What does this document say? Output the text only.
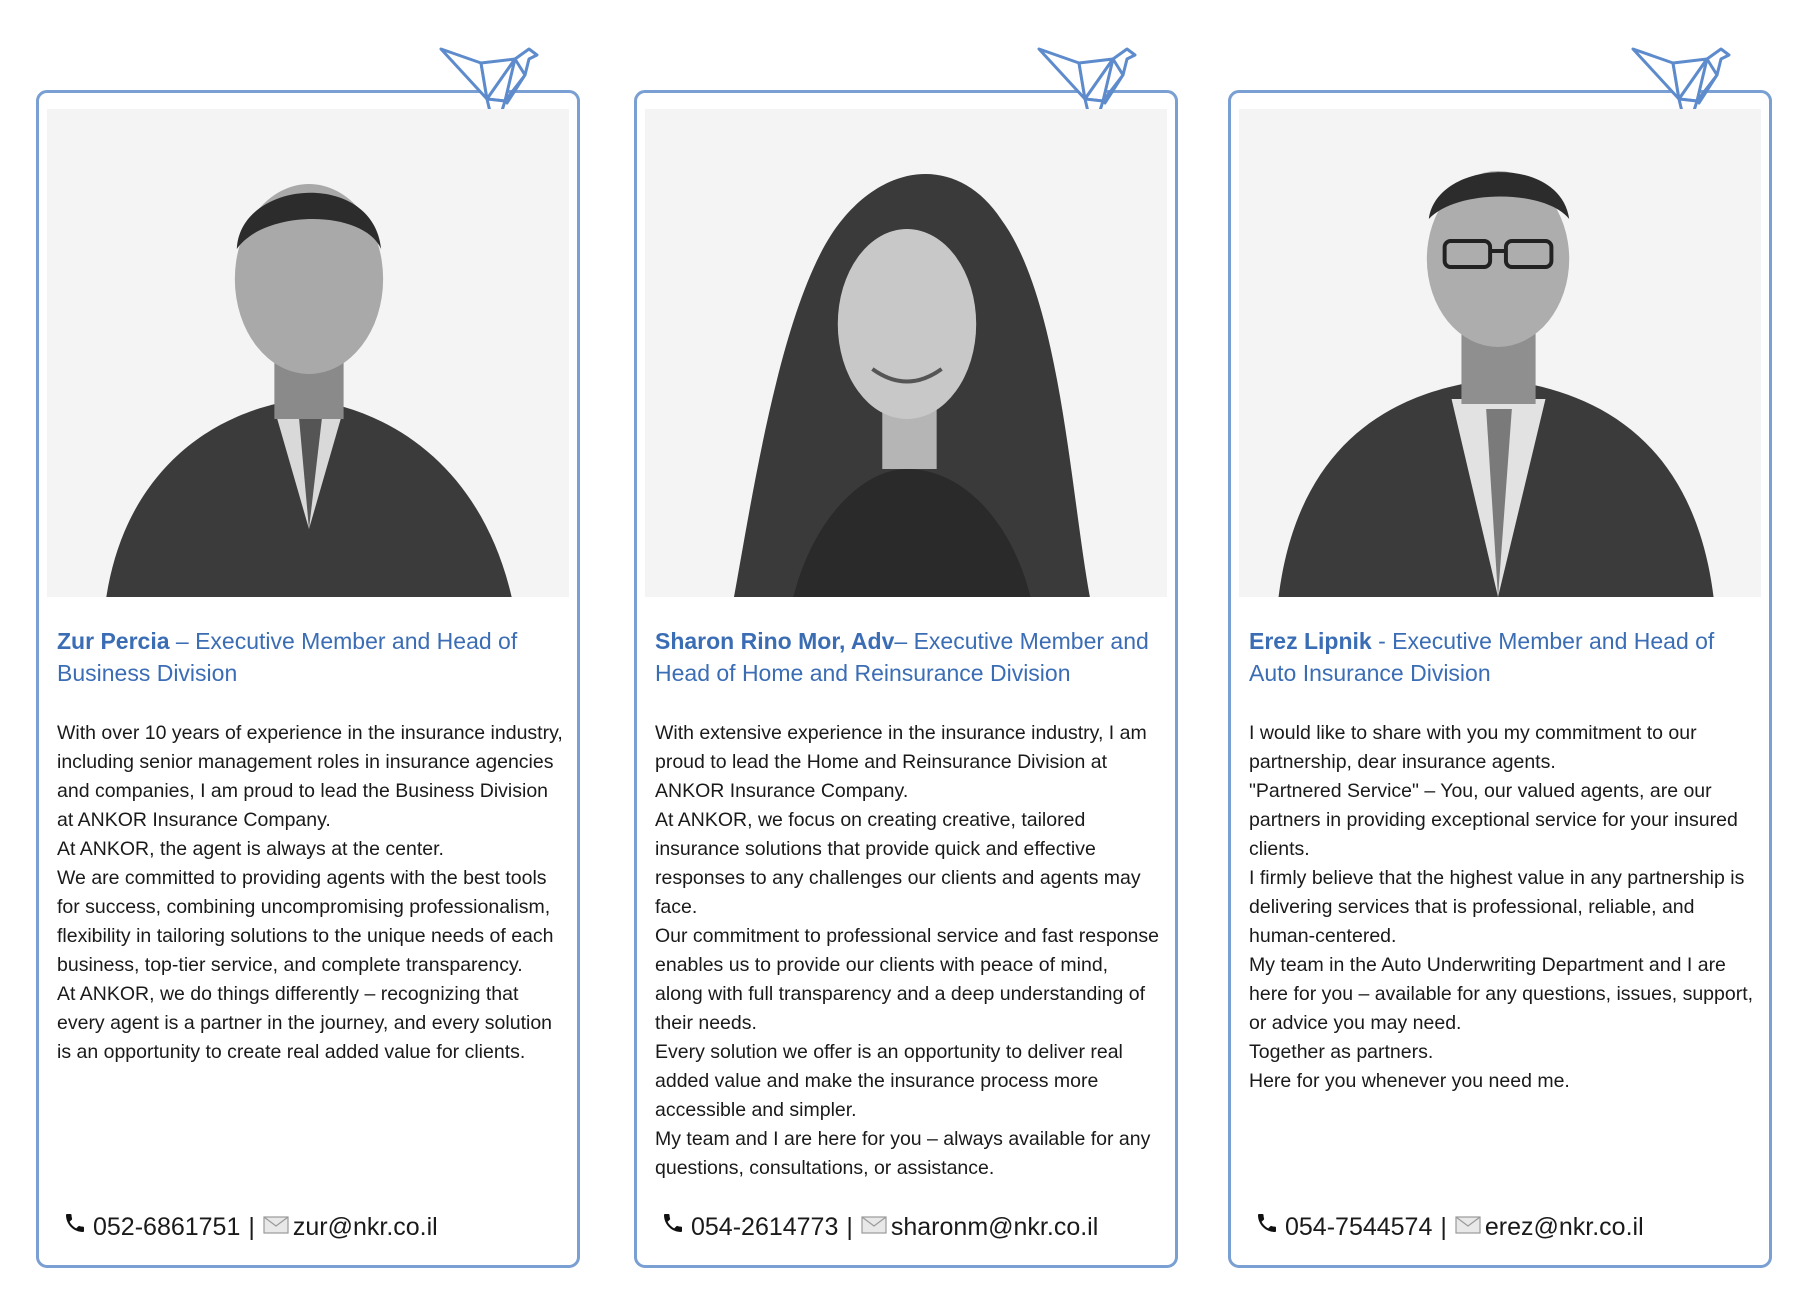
Zur Percia – Executive Member and Head of Business Division

With over 10 years of experience in the insurance industry, including senior management roles in insurance agencies and companies, I am proud to lead the Business Division at ANKOR Insurance Company.

At ANKOR, the agent is always at the center.

We are committed to providing agents with the best tools for success, combining uncompromising professionalism, flexibility in tailoring solutions to the unique needs of each business, top-tier service, and complete transparency.

At ANKOR, we do things differently – recognizing that every agent is a partner in the journey, and every solution is an opportunity to create real added value for clients.

052-6861751 | zur@nkr.co.il
Sharon Rino Mor, Adv– Executive Member and Head of Home and Reinsurance Division

With extensive experience in the insurance industry, I am proud to lead the Home and Reinsurance Division at ANKOR Insurance Company.

At ANKOR, we focus on creating creative, tailored insurance solutions that provide quick and effective responses to any challenges our clients and agents may face.

Our commitment to professional service and fast response enables us to provide our clients with peace of mind, along with full transparency and a deep understanding of their needs.

Every solution we offer is an opportunity to deliver real added value and make the insurance process more accessible and simpler.

My team and I are here for you – always available for any questions, consultations, or assistance.

054-2614773 | sharonm@nkr.co.il
Erez Lipnik - Executive Member and Head of Auto Insurance Division

I would like to share with you my commitment to our partnership, dear insurance agents.

"Partnered Service" – You, our valued agents, are our partners in providing exceptional service for your insured clients.

I firmly believe that the highest value in any partnership is delivering services that is professional, reliable, and human-centered.

My team in the Auto Underwriting Department and I are here for you – available for any questions, issues, support, or advice you may need.

Together as partners.

Here for you whenever you need me.

054-7544574 | erez@nkr.co.il
